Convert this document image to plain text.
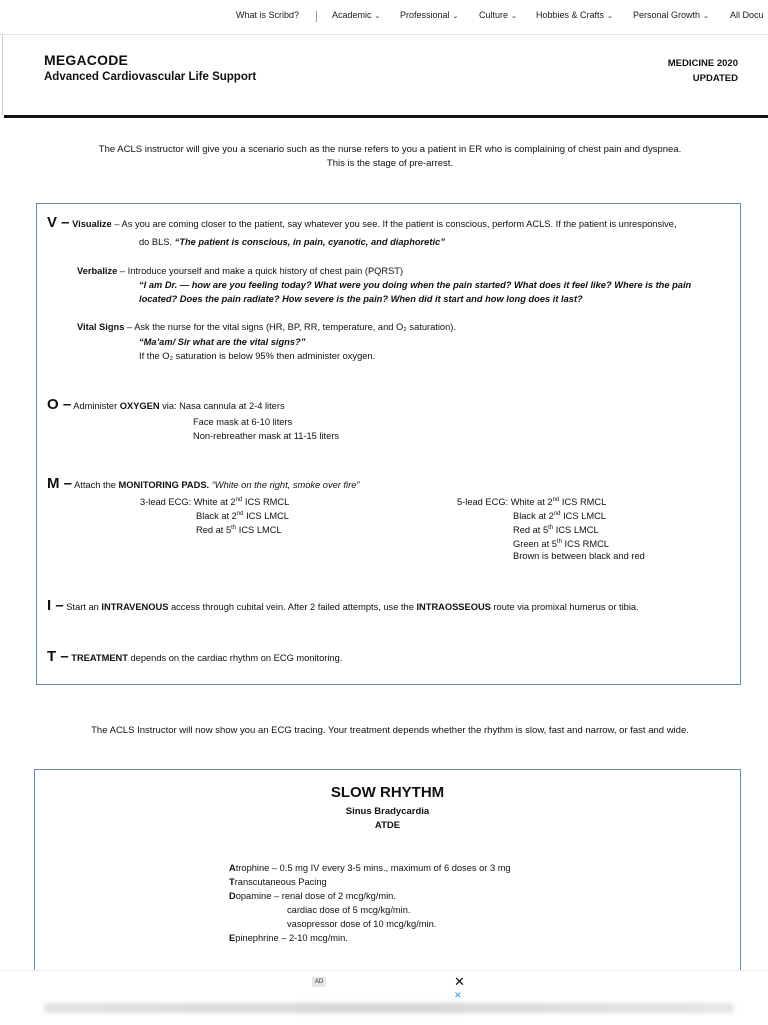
What is Scribd?	Academic ⌄ Professional ⌄ Culture ⌄ Hobbies & Crafts ⌄ Personal Growth ⌄ All Docu
MEGACODE
Advanced Cardiovascular Life Support
MEDICINE 2020
UPDATED
The ACLS instructor will give you a scenario such as the nurse refers to you a patient in ER who is complaining of chest pain and dyspnea.
This is the stage of pre-arrest.
V – Visualize – As you are coming closer to the patient, say whatever you see. If the patient is conscious, perform ACLS. If the patient is unresponsive,
do BLS. “The patient is conscious, in pain, cyanotic, and diaphoretic”
Verbalize – Introduce yourself and make a quick history of chest pain (PQRST)
“I am Dr. — how are you feeling today? What were you doing when the pain started? What does it feel like? Where is the pain
located? Does the pain radiate? How severe is the pain? When did it start and how long does it last?
Vital Signs – Ask the nurse for the vital signs (HR, BP, RR, temperature, and O₂ saturation).
“Ma’am/ Sir what are the vital signs?”
If the O₂ saturation is below 95% then administer oxygen.
O – Administer OXYGEN via: Nasa cannula at 2-4 liters
Face mask at 6-10 liters
Non-rebreather mask at 11-15 liters
M – Attach the MONITORING PADS. “White on the right, smoke over fire”
3-lead ECG: White at 2nd ICS RMCL
Black at 2nd ICS LMCL
Red at 5th ICS LMCL
5-lead ECG: White at 2nd ICS RMCL
Black at 2nd ICS LMCL
Red at 5th ICS LMCL
Green at 5th ICS RMCL
Brown is between black and red
I – Start an INTRAVENOUS access through cubital vein. After 2 failed attempts, use the INTRAOSSEOUS route via promixal humerus or tibia.
T – TREATMENT depends on the cardiac rhythm on ECG monitoring.
The ACLS Instructor will now show you an ECG tracing. Your treatment depends whether the rhythm is slow, fast and narrow, or fast and wide.
SLOW RHYTHM
Sinus Bradycardia
ATDE
Atrophine – 0.5 mg IV every 3-5 mins., maximum of 6 doses or 3 mg
Transcutaneous Pacing
Dopamine – renal dose of 2 mcg/kg/min.
cardiac dose of 5 mcg/kg/min.
vasopressor dose of 10 mcg/kg/min.
Epinephrine – 2-10 mcg/min.
AD	✕
✕
